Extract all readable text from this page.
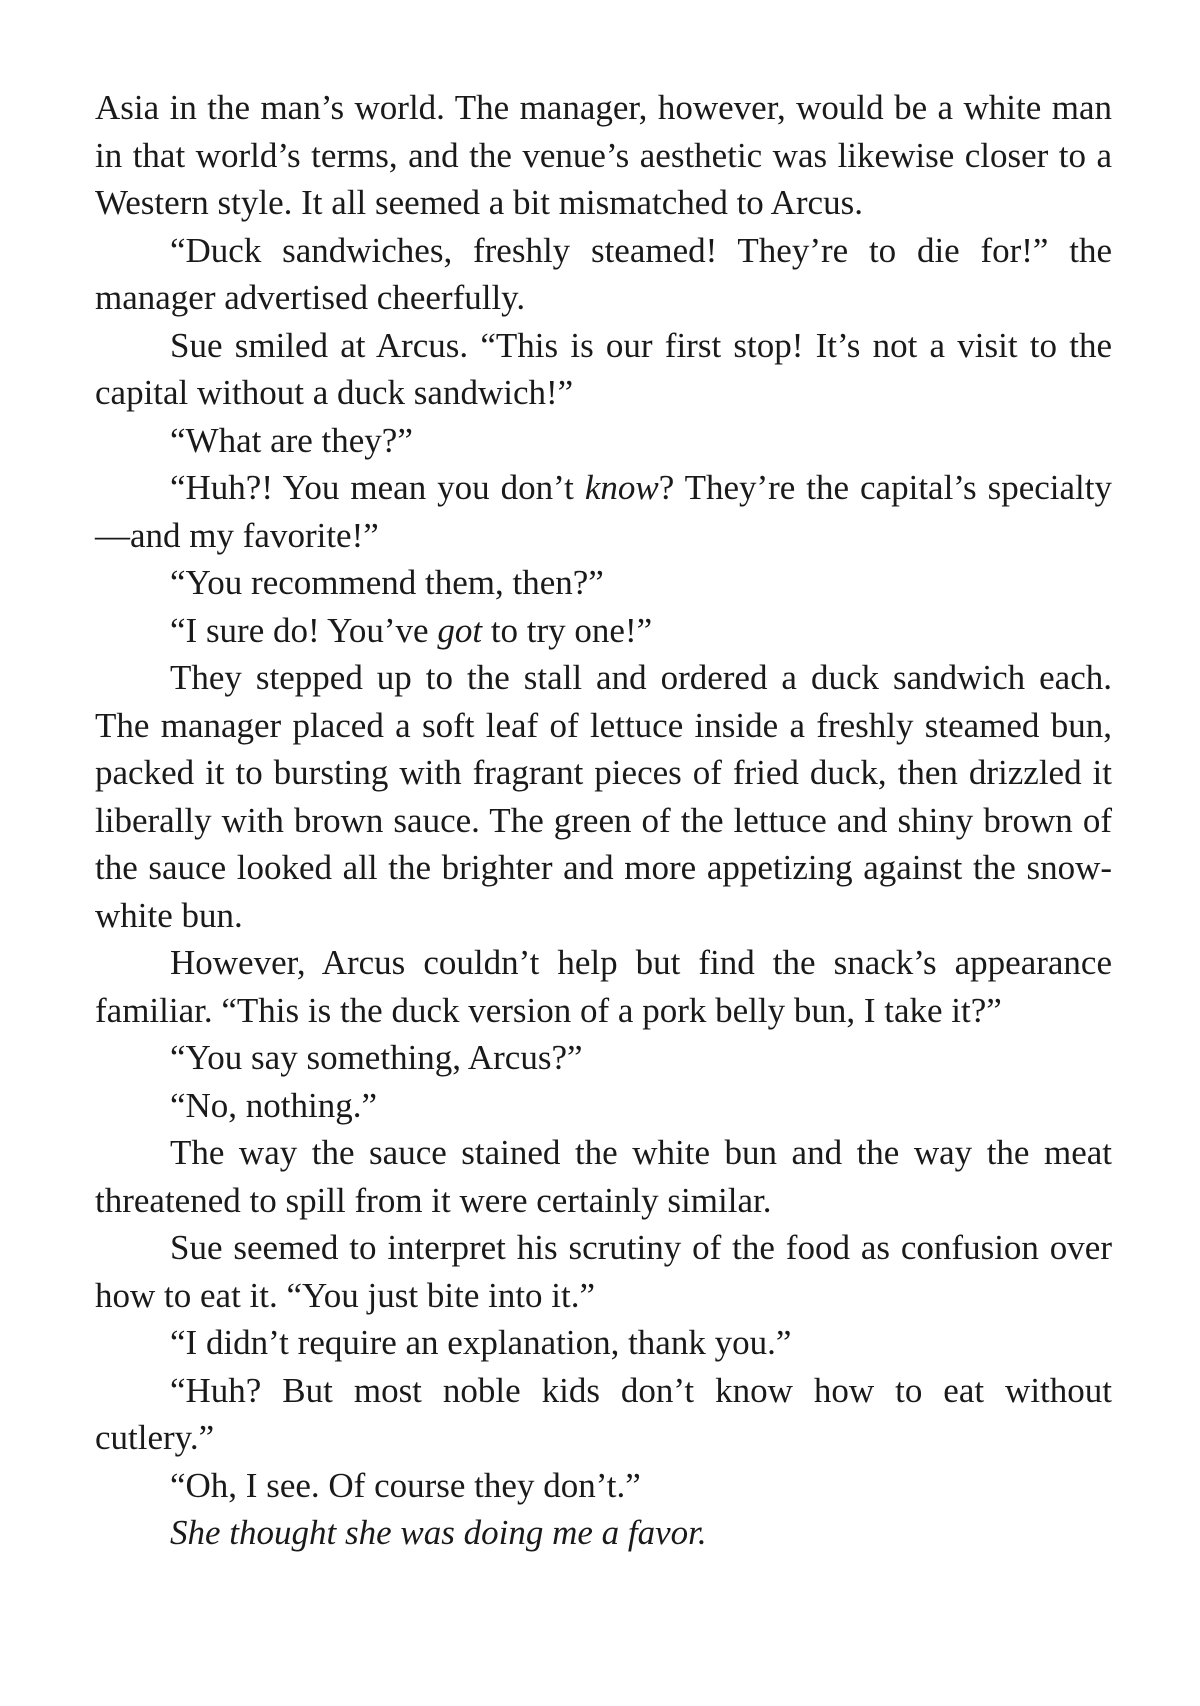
Asia in the man’s world. The manager, however, would be a white man in that world’s terms, and the venue’s aesthetic was likewise closer to a Western style. It all seemed a bit mismatched to Arcus.

“Duck sandwiches, freshly steamed! They’re to die for!” the manager advertised cheerfully.

Sue smiled at Arcus. “This is our first stop! It’s not a visit to the capital without a duck sandwich!”

“What are they?”

“Huh?! You mean you don’t know? They’re the capital’s specialty—and my favorite!”

“You recommend them, then?”

“I sure do! You’ve got to try one!”

They stepped up to the stall and ordered a duck sandwich each. The manager placed a soft leaf of lettuce inside a freshly steamed bun, packed it to bursting with fragrant pieces of fried duck, then drizzled it liberally with brown sauce. The green of the lettuce and shiny brown of the sauce looked all the brighter and more appetizing against the snow-white bun.

However, Arcus couldn’t help but find the snack’s appearance familiar. “This is the duck version of a pork belly bun, I take it?”

“You say something, Arcus?”

“No, nothing.”

The way the sauce stained the white bun and the way the meat threatened to spill from it were certainly similar.

Sue seemed to interpret his scrutiny of the food as confusion over how to eat it. “You just bite into it.”

“I didn’t require an explanation, thank you.”

“Huh? But most noble kids don’t know how to eat without cutlery.”

“Oh, I see. Of course they don’t.”

She thought she was doing me a favor.
